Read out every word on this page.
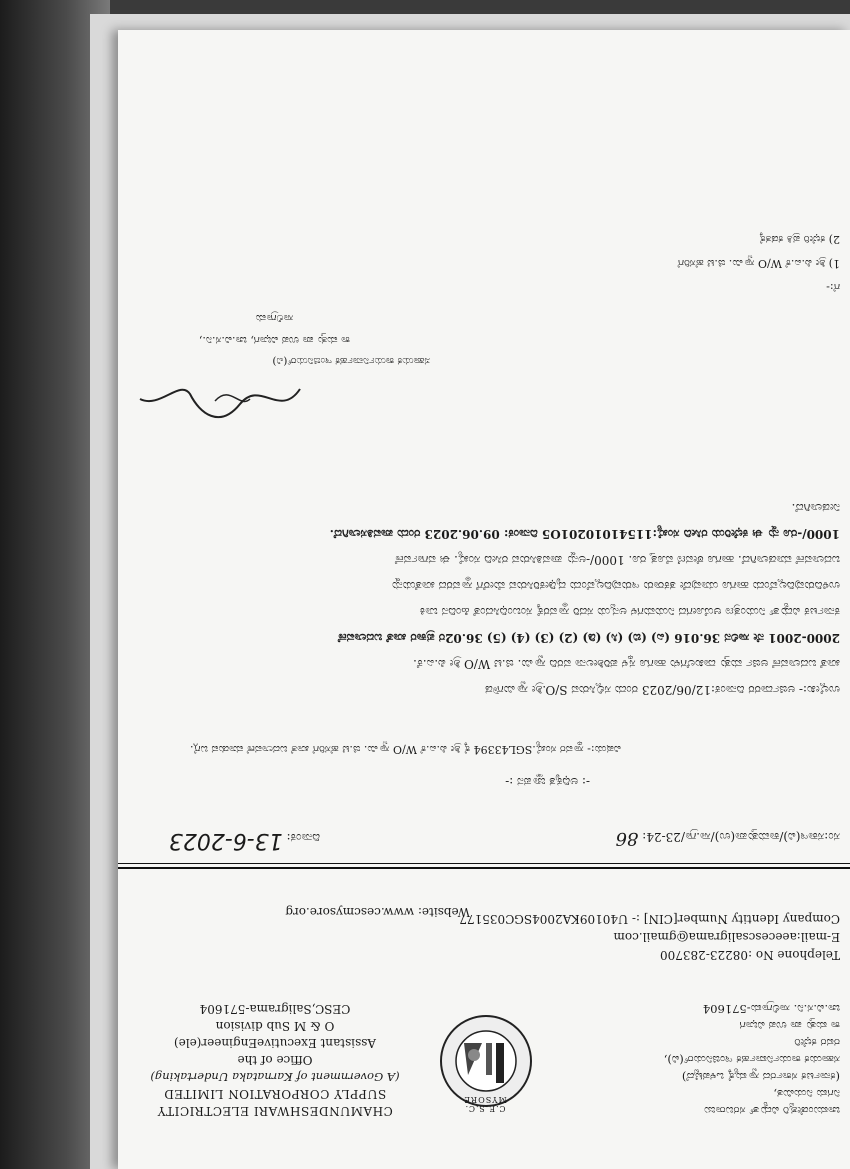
ಚಾಮುಂಡೇಶ್ವರಿ ವಿದ್ಯುತ್ ಸರಬರಾಜು
ನಿಗಮ ನಿಯಮಿತ,
(ಕರ್ನಾಟಕ ಸರ್ಕಾರದ ಸ್ವಾಮ್ಯಕ್ಕೆ ಒಳಪಟ್ಟಿದೆ)
ಸಹಾಯಕ ಕಾರ್ಯನಿರ್ವಾಹಕ ಇಂಜಿನಿಯರ್(ವಿ),
ರವರ ಕಛೇರಿ
ಕಾ ಮತ್ತು ಪಾ ಉಪ ವಿಭಾಗ
ಚಾ.ವಿ.ಸ.ನಿ. ಸಾಲಿಗ್ರಾಮ-571604
C.E.S.C. MYSORE
CHAMUNDESHWARI ELECTRICITY
SUPPLY CORPORATION LIMITED
(A Government of Karnataka Undertaking)
Office of the
Assistant ExecutiveEngineer(ele)
O & M Sub division
CESC,Saligrama-571604
Telephone No :08223-283700
E-mail:aeecescsaligrama@gmail.com
Company Identity Number[CIN] :- U40109KA2004SGC035177
Website: www.cescmysore.org
ಸಂ:ಸಕಾಇ(ವಿ)/ಕಾಮತ್ತುಪಾ(ಉ)/ಸಾ.ಗ್ರಾ/23-24: 86
ದಿನಾಂಕ: 13-6-2023
-: ಅಧಿಕೃತ ಜ್ಞಾಪನ :-
ವಿಷಯ:- ಸ್ಥಾವರ ಸಂಖ್ಯೆ.SGL43394 ಕ್ಕೆ ಶ್ರೀ ಪಿ.ಎ.ಕೆ W/O ಸ್ವಾಮಿ. ಜಿ.ಟಿ ಹೆಸರಿಗೆ ಖಾತೆ ಬದಲಾವಣೆ ಮಾಡುವ ಬಗ್ಗೆ.

ಉಲ್ಲೇಖ:- ಅರ್ಜಿದಾರರ ದಿನಾಂಕ:12/06/2023 ರಂದು ಸಲ್ಲಿಸಿರುವ S/O.ಶ್ರೀ ಸ್ವಾಮಿಗೌಡ

ಖಾತೆ ಬದಲಾವಣೆ ಅರ್ಜಿ ಮತ್ತು ದಾಖಲೆಗಳು ಹಾಗೂ ಸ್ಥಳ ಪರಿಶೀಲನಾ ವರದಿ ಸ್ವಾಮಿ. ಜಿ.ಟಿ W/O ಶ್ರೀ ಪಿ.ಎ.ಕೆ.

2000-2001 ನೇ ಸಾಲಿನ 36.016 (ಎ) (ಬಿ) (ಸಿ) (ಡಿ) (2) (3) (4) (5) 36.02ರ ಪ್ರಕಾರ ಖಾತೆ ಬದಲಾವಣೆ

ಕರ್ನಾಟಕ ವಿದ್ಯುತ್ ನಿಯಂತ್ರಣ ಆಯೋಗದ ನಿಯಮಗಳ ಅನ್ವಯ ಸದರಿ ಸ್ಥಾವರಕ್ಕೆ ಸಂಬಂಧಿಸಿದಂತೆ ಹಿಂದಿನ ಬಾಕಿ

ಉಳಿದಿರುವುದಿಲ್ಲವೆಂದು ಹಾಗೂ ಯಾವುದೇ ತಕರಾರು ಇರುವುದಿಲ್ಲವೆಂದು ದೃಢೀಕರಿಸಿರುವ ಮೇರೆಗೆ ಸ್ಥಾವರದ ಖಾತೆಯನ್ನು

ಬದಲಾವಣೆ ಮಾಡಲಾಗಿದೆ. ಹಾಗೂ ಠೇವಣಿ ಮೊತ್ತ ರೂ. 1000/-ಅನ್ನು ಪಾವತಿಸಿರುವ ರಸೀದಿ ಸಂಖ್ಯೆ. ಈ ವರ್ಗಾವಣೆ

1000/-ರೂ ನ್ನು ಈ ಕಛೇರಿಯ ರಸೀದಿ ಸಂಖ್ಯೆ:11541010201O5 ದಿನಾಂಕ: 09.06.2023 ರಂದು ಪಾವತಿಸಲಾಗಿದೆ.

ನೀಡಲಾಗಿದೆ.

ಸಹಾಯಕ ಕಾರ್ಯನಿರ್ವಾಹಕ ಇಂಜಿನಿಯರ್(ವಿ)
ಕಾ ಮತ್ತು ಪಾ ಉಪ ವಿಭಾಗ, ಚಾ.ವಿ.ಸ.ನಿ.,
ಸಾಲಿಗ್ರಾಮ
ಗೆ:-
1) ಶ್ರೀ ಪಿ.ಎ.ಕೆ W/O ಸ್ವಾಮಿ. ಜಿ.ಟಿ ಹೆಸರಿಗೆ
2) ಕಛೇರಿ ಪ್ರತಿ ಕಡತಕ್ಕೆ
